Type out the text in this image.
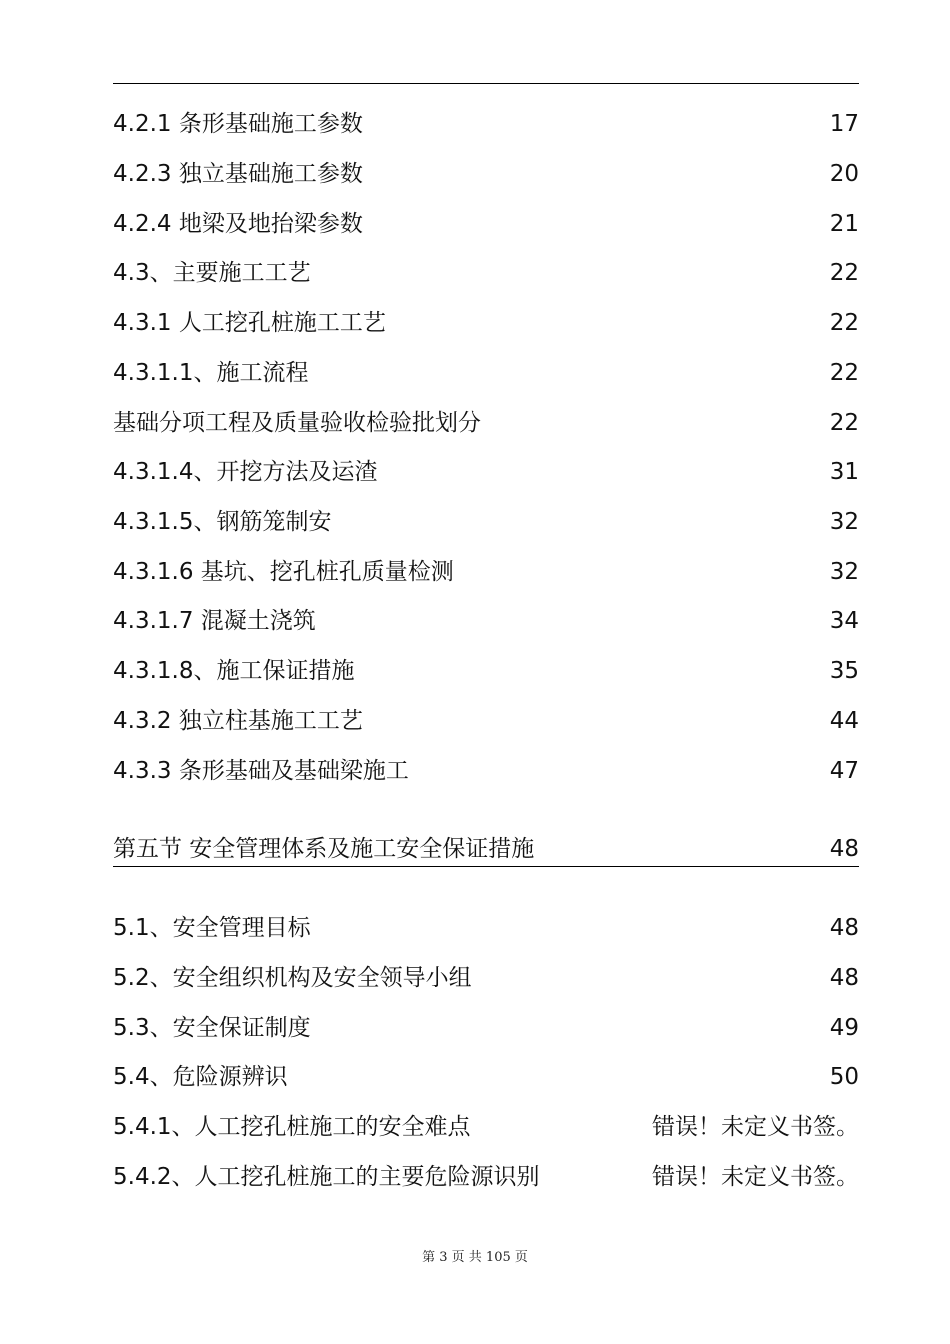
4.2.1 条形基础施工参数	17
4.2.3 独立基础施工参数	20
4.2.4 地梁及地抬梁参数	21
4.3、主要施工工艺	22
4.3.1 人工挖孔桩施工工艺	22
4.3.1.1、施工流程	22
基础分项工程及质量验收检验批划分	22
4.3.1.4、开挖方法及运渣	31
4.3.1.5、钢筋笼制安	32
4.3.1.6 基坑、挖孔桩孔质量检测	32
4.3.1.7 混凝土浇筑	34
4.3.1.8、施工保证措施	35
4.3.2 独立柱基施工工艺	44
4.3.3 条形基础及基础梁施工	47
第五节 安全管理体系及施工安全保证措施	48
5.1、安全管理目标	48
5.2、安全组织机构及安全领导小组	48
5.3、安全保证制度	49
5.4、危险源辨识	50
5.4.1、人工挖孔桩施工的安全难点	错误！未定义书签。
5.4.2、人工挖孔桩施工的主要危险源识别	错误！未定义书签。
第 3 页 共 105 页
